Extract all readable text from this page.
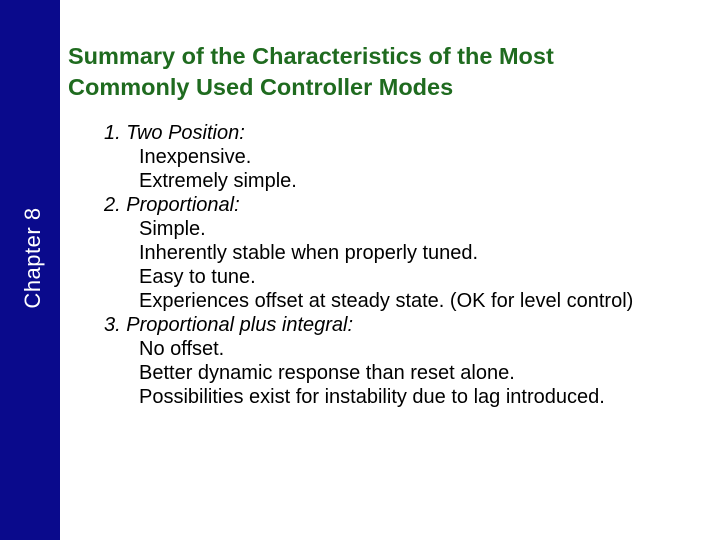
Chapter 8
Summary of the Characteristics of the Most
Commonly Used Controller Modes
1. Two Position:
Inexpensive.
Extremely simple.
2. Proportional:
Simple.
Inherently stable when properly tuned.
Easy to tune.
Experiences offset at steady state. (OK for level control)
3. Proportional plus integral:
No offset.
Better dynamic response than reset alone.
Possibilities exist for instability due to lag introduced.
